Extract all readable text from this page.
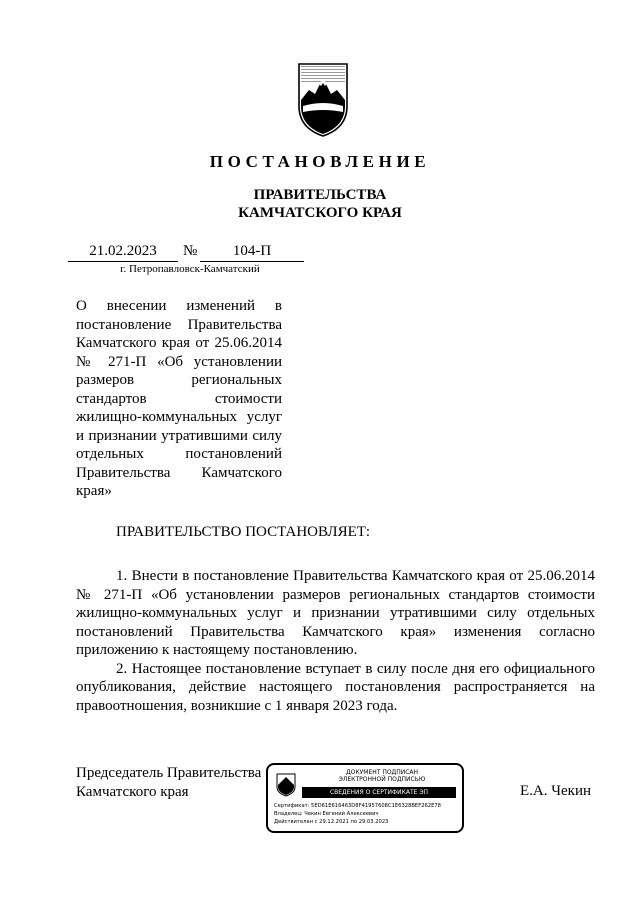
ПОСТАНОВЛЕНИЕ
ПРАВИТЕЛЬСТВА
КАМЧАТСКОГО КРАЯ
21.02.2023	№	104-П
г. Петропавловск-Камчатский
О внесении изменений в постановление Правительства Камчатского края от 25.06.2014 № 271-П «Об установлении размеров региональных стандартов стоимости жилищно-коммунальных услуг и признании утратившими силу отдельных постановлений Правительства Камчатского края»
ПРАВИТЕЛЬСТВО ПОСТАНОВЛЯЕТ:

1. Внести в постановление Правительства Камчатского края от 25.06.2014 № 271-П «Об установлении размеров региональных стандартов стоимости жилищно-коммунальных услуг и признании утратившими силу отдельных постановлений Правительства Камчатского края» изменения согласно приложению к настоящему постановлению.

2. Настоящее постановление вступает в силу после дня его официального опубликования, действие настоящего постановления распространяется на правоотношения, возникшие с 1 января 2023 года.

Председатель Правительства
Камчатского края
ДОКУМЕНТ ПОДПИСАН
ЭЛЕКТРОННОЙ ПОДПИСЬЮ
СВЕДЕНИЯ О СЕРТИФИКАТЕ ЭП
Сертификат: 5ED61E616463D8F41957608C1E6328BEF262E78
Владелец: Чекин Евгений Алексеевич
Действителен с 29.12.2021 по 29.03.2023
Е.А. Чекин
